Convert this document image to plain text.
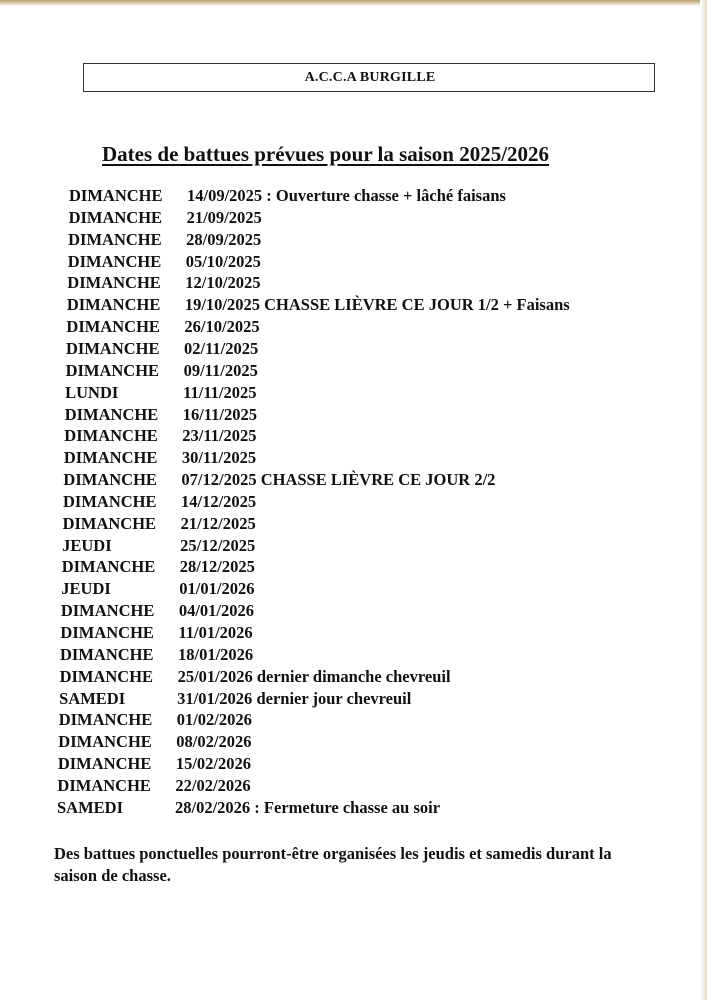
A.C.C.A BURGILLE
Dates de battues prévues pour la saison 2025/2026
DIMANCHE 14/09/2025 : Ouverture chasse + lâché faisans
DIMANCHE 21/09/2025
DIMANCHE 28/09/2025
DIMANCHE 05/10/2025
DIMANCHE 12/10/2025
DIMANCHE 19/10/2025 CHASSE LIÈVRE CE JOUR 1/2 + Faisans
DIMANCHE 26/10/2025
DIMANCHE 02/11/2025
DIMANCHE 09/11/2025
LUNDI	11/11/2025
DIMANCHE 16/11/2025
DIMANCHE 23/11/2025
DIMANCHE 30/11/2025
DIMANCHE 07/12/2025 CHASSE LIÈVRE CE JOUR 2/2
DIMANCHE 14/12/2025
DIMANCHE 21/12/2025
JEUDI	25/12/2025
DIMANCHE 28/12/2025
JEUDI	01/01/2026
DIMANCHE 04/01/2026
DIMANCHE 11/01/2026
DIMANCHE 18/01/2026
DIMANCHE 25/01/2026 dernier dimanche chevreuil
SAMEDI	31/01/2026 dernier jour chevreuil
DIMANCHE 01/02/2026
DIMANCHE 08/02/2026
DIMANCHE 15/02/2026
DIMANCHE 22/02/2026
SAMEDI	28/02/2026 : Fermeture chasse au soir
Des battues ponctuelles pourront-être organisées les jeudis et samedis durant la saison de chasse.
